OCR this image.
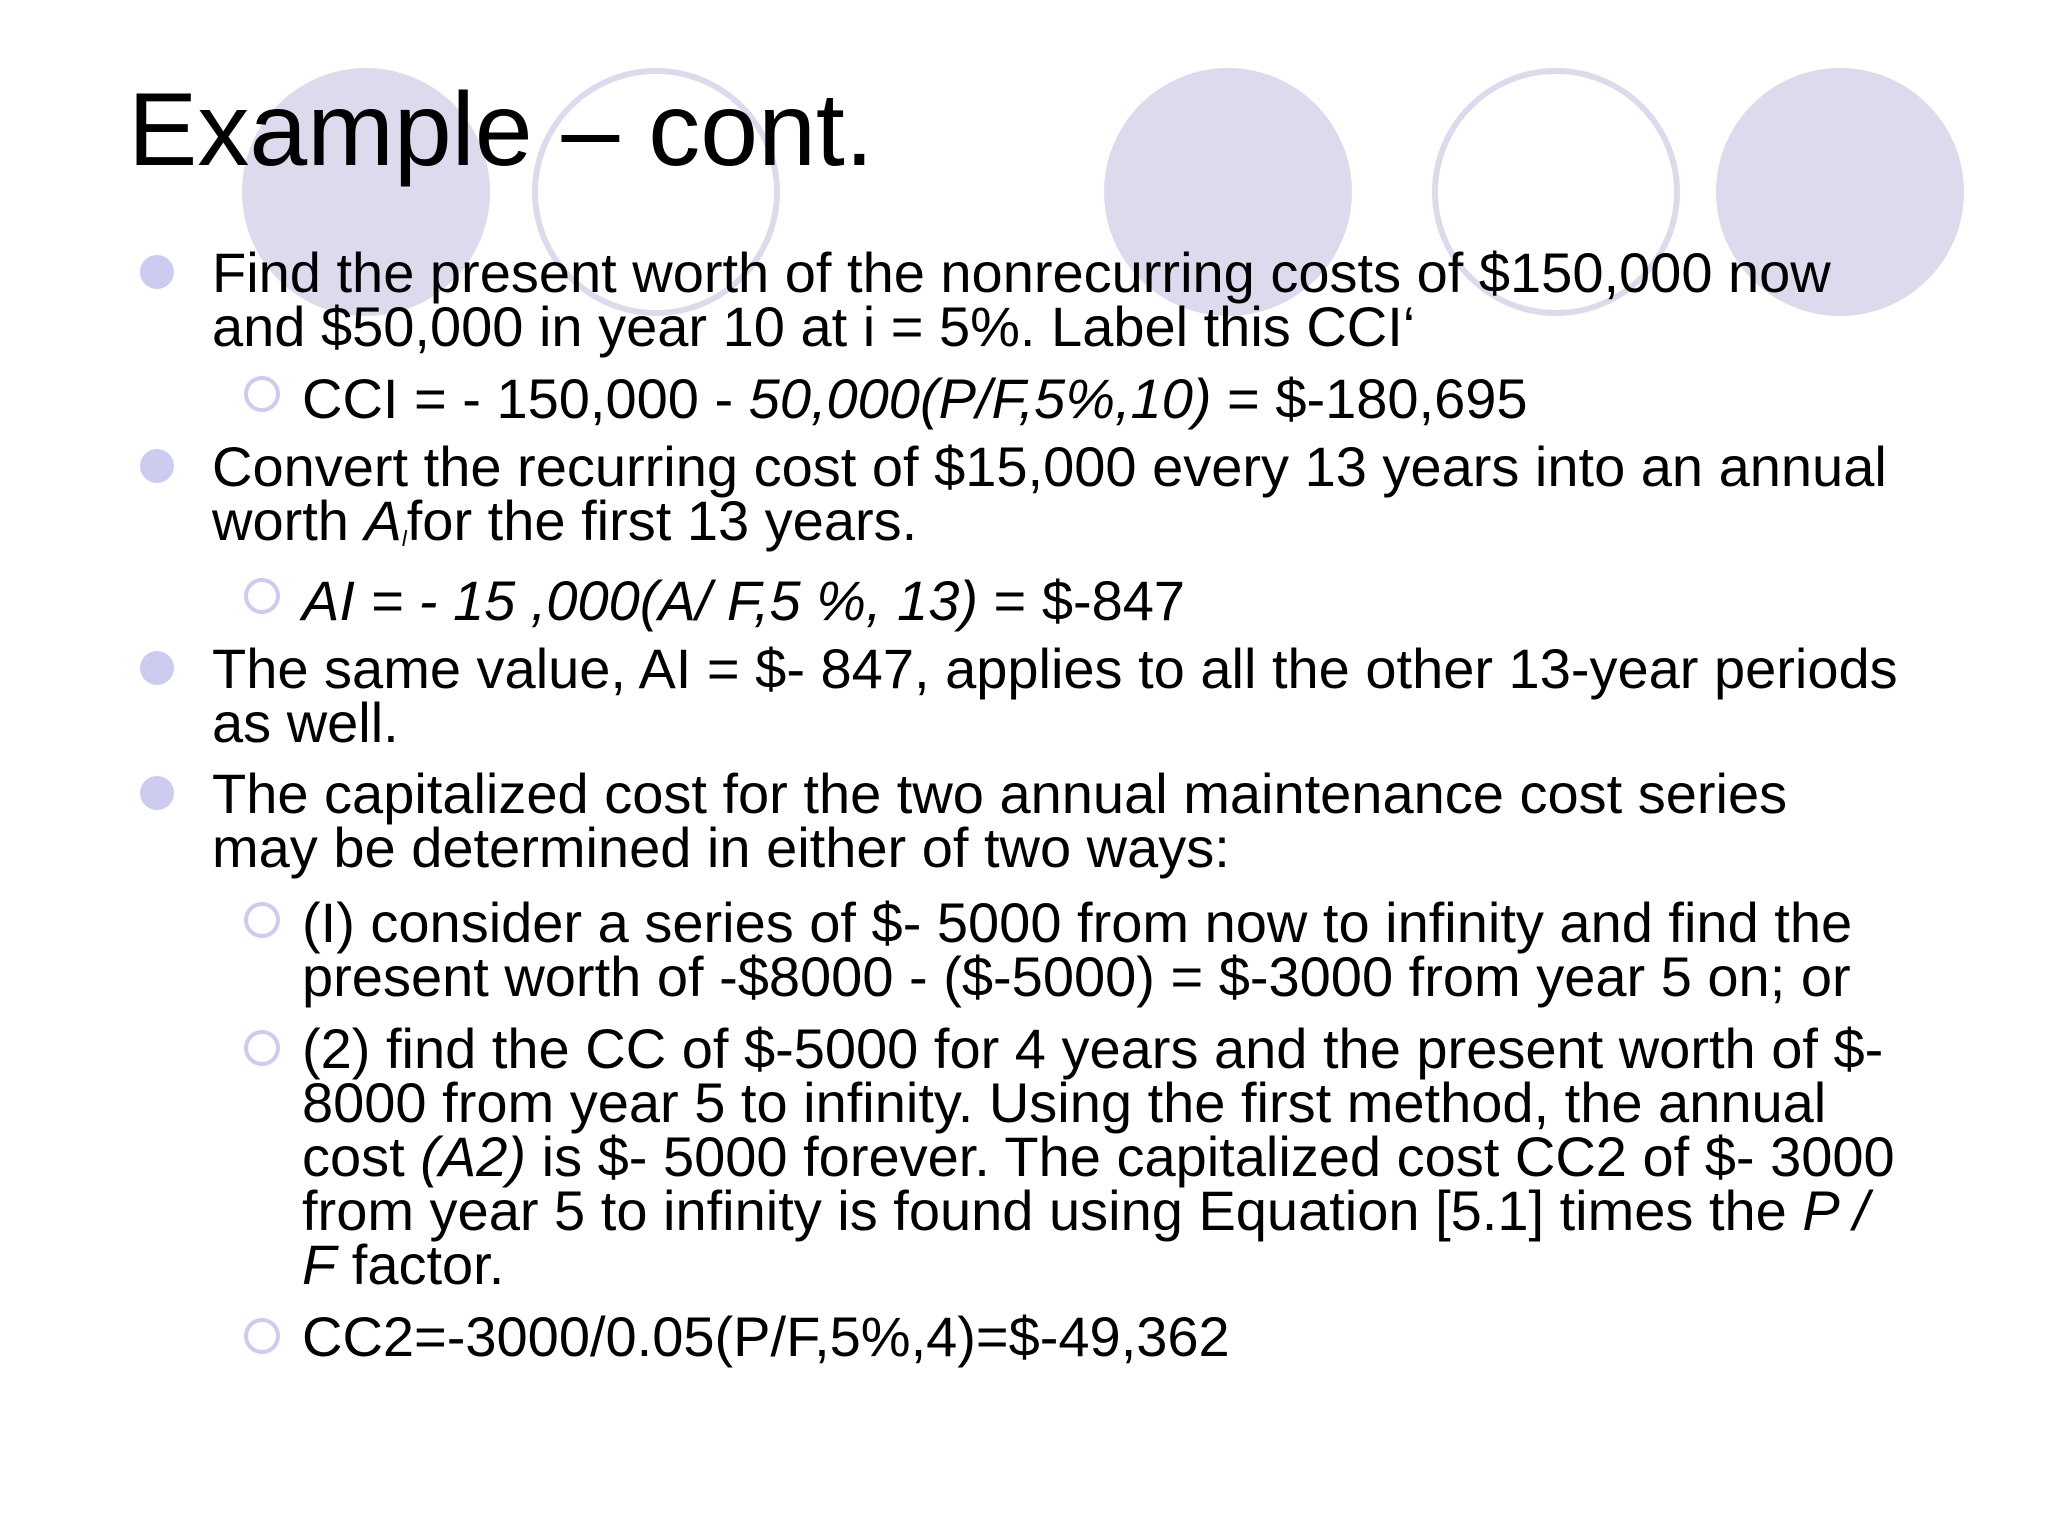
Example – cont.

Find the present worth of the nonrecurring costs of $150,000 now
and $50,000 in year 10 at i = 5%. Label this CCI‘

CCI = - 150,000 - 50,000(P/F,5%,10) = $-180,695

Convert the recurring cost of $15,000 every 13 years into an annual
worth $A_lfor$ the first 13 years.

AI = - 15 ,000(A/ F,5 %, 13) = $-847

The same value, AI = $- 847, applies to all the other 13-year periods
as well.

The capitalized cost for the two annual maintenance cost series
may be determined in either of two ways:

(I) consider a series of $- 5000 from now to infinity and find the
present worth of -$8000 - ($-5000) = $-3000 from year 5 on; or

(2) find the CC of $-5000 for 4 years and the present worth of $-
8000 from year 5 to infinity. Using the first method, the annual
cost (A2) is $- 5000 forever. The capitalized cost CC2 of $- 3000
from year 5 to infinity is found using Equation [5.1] times the P /
F factor.

CC2=-3000/0.05(P/F,5%,4)=$-49,362
